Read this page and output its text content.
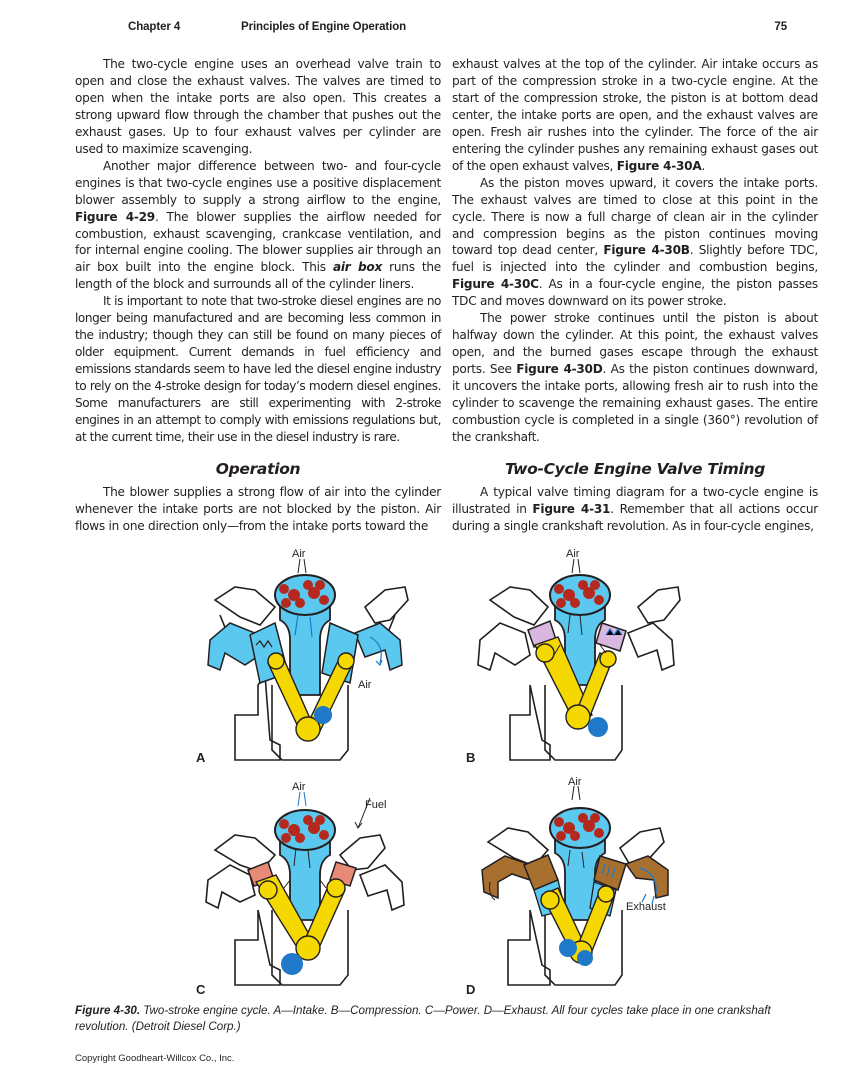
Chapter 4	Principles of Engine Operation	75

The two-cycle engine uses an overhead valve train to open and close the exhaust valves. The valves are timed to open when the intake ports are also open. This creates a strong upward flow through the chamber that pushes out the exhaust gases. Up to four exhaust valves per cylinder are used to maximize scavenging.

Another major difference between two- and four-cycle engines is that two-cycle engines use a positive displacement blower assembly to supply a strong airflow to the engine, Figure 4-29. The blower supplies the airflow needed for combustion, exhaust scavenging, crankcase ventilation, and for internal engine cooling. The blower supplies air through an air box built into the engine block. This air box runs the length of the block and surrounds all of the cylinder liners.

It is important to note that two-stroke diesel engines are no longer being manufactured and are becoming less common in the industry; though they can still be found on many pieces of older equipment. Current demands in fuel efficiency and emissions standards seem to have led the diesel engine industry to rely on the 4-stroke design for today’s modern diesel engines. Some manufacturers are still experimenting with 2-stroke engines in an attempt to comply with emissions regulations but, at the current time, their use in the diesel industry is rare.

exhaust valves at the top of the cylinder. Air intake occurs as part of the compression stroke in a two-cycle engine. At the start of the compression stroke, the piston is at bottom dead center, the intake ports are open, and the exhaust valves are open. Fresh air rushes into the cylinder. The force of the air entering the cylinder pushes any remaining exhaust gases out of the open exhaust valves, Figure 4-30A.

As the piston moves upward, it covers the intake ports. The exhaust valves are timed to close at this point in the cycle. There is now a full charge of clean air in the cylinder and compression begins as the piston continues moving toward top dead center, Figure 4-30B. Slightly before TDC, fuel is injected into the cylinder and combustion begins, Figure 4-30C. As in a four-cycle engine, the piston passes TDC and moves downward on its power stroke.

The power stroke continues until the piston is about halfway down the cylinder. At this point, the exhaust valves open, and the burned gases escape through the exhaust ports. See Figure 4-30D. As the piston continues downward, it uncovers the intake ports, allowing fresh air to rush into the cylinder to scavenge the remaining exhaust gases. The entire combustion cycle is completed in a single (360°) revolution of the crankshaft.

Operation	Two-Cycle Engine Valve Timing

The blower supplies a strong flow of air into the cylinder whenever the intake ports are not blocked by the piston. Air flows in one direction only—from the intake ports toward the

A typical valve timing diagram for a two-cycle engine is illustrated in Figure 4-31. Remember that all actions occur during a single crankshaft revolution. As in four-cycle engines,

Air
Air
A
Air
B
Air
Fuel
C
Air
Exhaust
D
Figure 4-30. Two-stroke engine cycle. A—Intake. B—Compression. C—Power. D—Exhaust. All four cycles take place in one crankshaft revolution. (Detroit Diesel Corp.)
Copyright Goodheart-Willcox Co., Inc.
